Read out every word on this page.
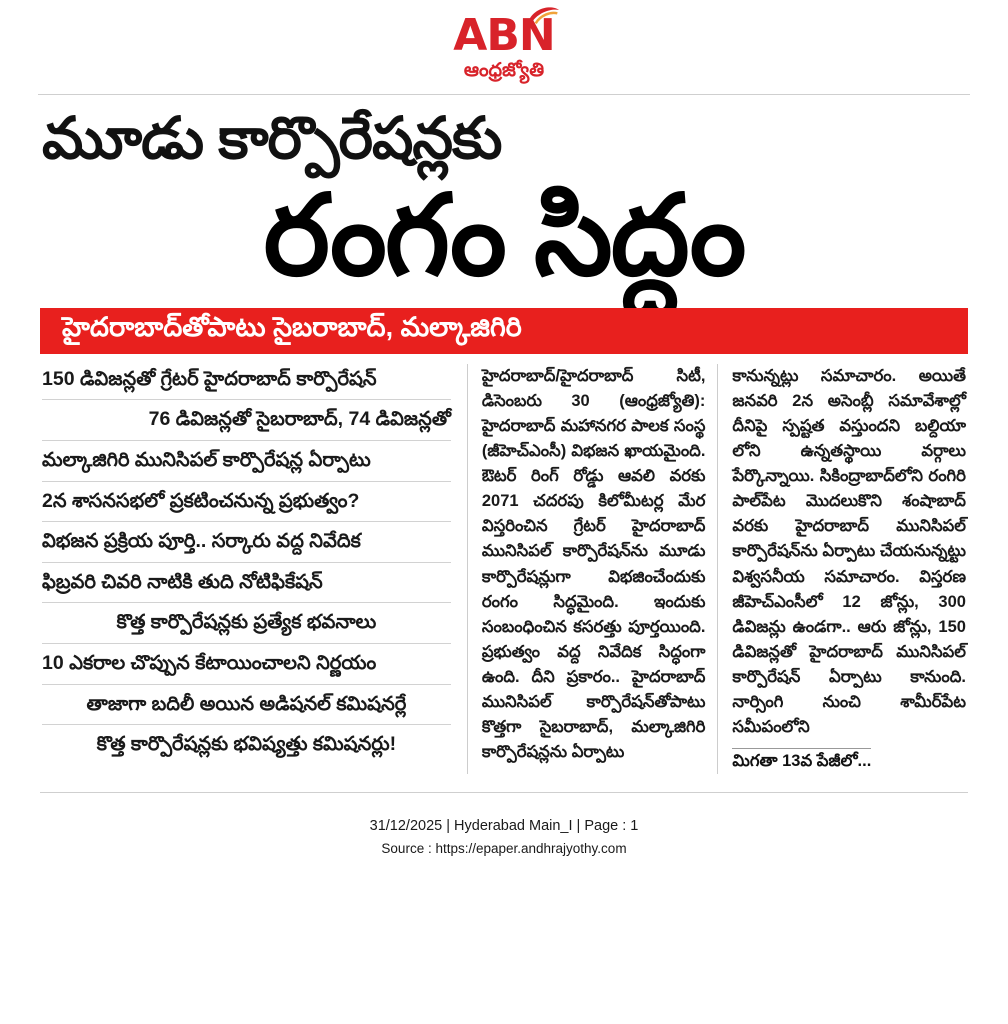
ABN
ఆంధ్రజ్యోతి
మూడు కార్పొరేషన్లకు
రంగం సిద్ధం
హైదరాబాద్‌తోపాటు సైబరాబాద్, మల్కాజిగిరి

150 డివిజన్లతో గ్రేటర్ హైదరాబాద్ కార్పొరేషన్

76 డివిజన్లతో సైబరాబాద్, 74 డివిజన్లతో

మల్కాజిగిరి మునిసిపల్ కార్పొరేషన్ల ఏర్పాటు

2న శాసనసభలో ప్రకటించనున్న ప్రభుత్వం?

విభజన ప్రక్రియ పూర్తి.. సర్కారు వద్ద నివేదిక

ఫిబ్రవరి చివరి నాటికి తుది నోటిఫికేషన్

కొత్త కార్పొరేషన్లకు ప్రత్యేక భవనాలు

10 ఎకరాల చొప్పున కేటాయించాలని నిర్ణయం

తాజాగా బదిలీ అయిన అడిషనల్ కమిషనర్లే

కొత్త కార్పొరేషన్లకు భవిష్యత్తు కమిషనర్లు!

హైదరాబాద్/హైదరాబాద్ సిటీ, డిసెంబరు 30 (ఆంధ్రజ్యోతి): హైదరాబాద్ మహానగర పాలక సంస్థ (జీహెచ్‌ఎంసీ) విభజన ఖాయమైంది. ఔటర్ రింగ్ రోడ్డు ఆవలి వరకు 2071 చదరపు కిలోమీటర్ల మేర విస్తరించిన గ్రేటర్ హైదరాబాద్ మునిసిపల్ కార్పొరేషన్‌ను మూడు కార్పొరేషన్లుగా విభజించేందుకు రంగం సిద్ధమైంది. ఇందుకు సంబంధించిన కసరత్తు పూర్తయింది. ప్రభుత్వం వద్ద నివేదిక సిద్ధంగా ఉంది. దీని ప్రకారం.. హైదరాబాద్ మునిసిపల్ కార్పొరేషన్‌తోపాటు కొత్తగా సైబరాబాద్, మల్కాజిగిరి కార్పొరేషన్లను ఏర్పాటు
కానున్నట్లు సమాచారం. అయితే జనవరి 2న అసెంబ్లీ సమావేశాల్లో దీనిపై స్పష్టత వస్తుందని బల్దియా లోని ఉన్నతస్థాయి వర్గాలు పేర్కొన్నాయి. సికింద్రాబాద్‌లోని రంగిరి పాల్‌పేట మొదలుకొని శంషాబాద్ వరకు హైదరాబాద్ మునిసిపల్ కార్పొరేషన్‌ను ఏర్పాటు చేయనున్నట్టు విశ్వసనీయ సమాచారం. విస్తరణ జీహెచ్‌ఎంసీలో 12 జోన్లు, 300 డివిజన్లు ఉండగా.. ఆరు జోన్లు, 150 డివిజన్లతో హైదరాబాద్ మునిసిపల్ కార్పొరేషన్ ఏర్పాటు కానుంది. నార్సింగి నుంచి శామీర్‌పేట సమీపంలోని
మిగతా 13వ పేజీలో...
31/12/2025 | Hyderabad Main_I | Page : 1
Source : https://epaper.andhrajyothy.com
